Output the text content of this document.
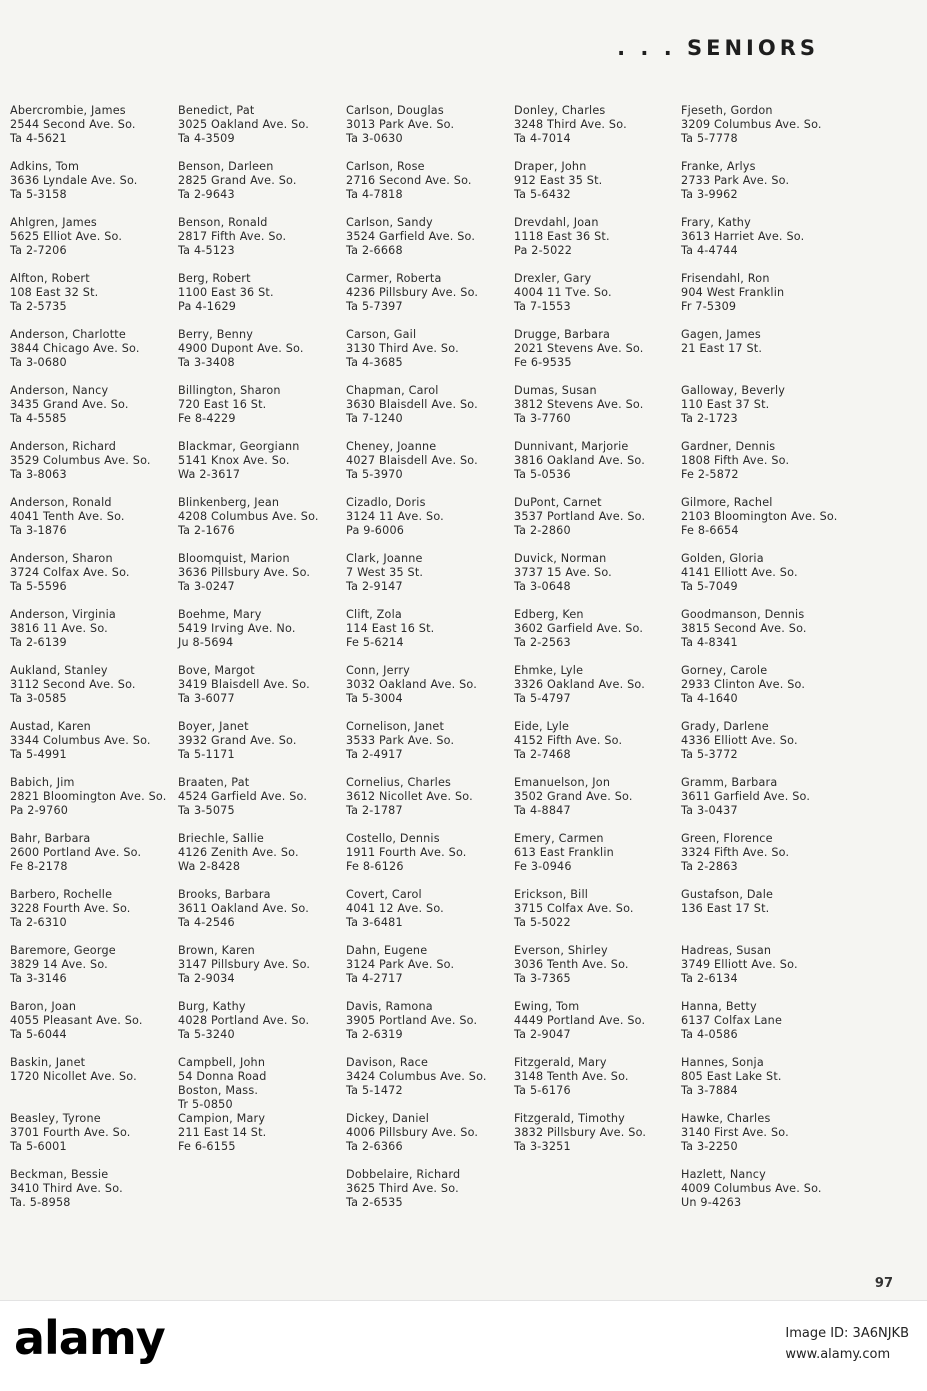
. . . SENIORS
Abercrombie, James
2544 Second Ave. So.
Ta 4-5621
Adkins, Tom
3636 Lyndale Ave. So.
Ta 5-3158
Ahlgren, James
5625 Elliot Ave. So.
Ta 2-7206
Alfton, Robert
108 East 32 St.
Ta 2-5735
Anderson, Charlotte
3844 Chicago Ave. So.
Ta 3-0680
Anderson, Nancy
3435 Grand Ave. So.
Ta 4-5585
Anderson, Richard
3529 Columbus Ave. So.
Ta 3-8063
Anderson, Ronald
4041 Tenth Ave. So.
Ta 3-1876
Anderson, Sharon
3724 Colfax Ave. So.
Ta 5-5596
Anderson, Virginia
3816 11 Ave. So.
Ta 2-6139
Aukland, Stanley
3112 Second Ave. So.
Ta 3-0585
Austad, Karen
3344 Columbus Ave. So.
Ta 5-4991
Babich, Jim
2821 Bloomington Ave. So.
Pa 2-9760
Bahr, Barbara
2600 Portland Ave. So.
Fe 8-2178
Barbero, Rochelle
3228 Fourth Ave. So.
Ta 2-6310
Baremore, George
3829 14 Ave. So.
Ta 3-3146
Baron, Joan
4055 Pleasant Ave. So.
Ta 5-6044
Baskin, Janet
1720 Nicollet Ave. So.
Beasley, Tyrone
3701 Fourth Ave. So.
Ta 5-6001
Beckman, Bessie
3410 Third Ave. So.
Ta. 5-8958
Benedict, Pat
3025 Oakland Ave. So.
Ta 4-3509
Benson, Darleen
2825 Grand Ave. So.
Ta 2-9643
Benson, Ronald
2817 Fifth Ave. So.
Ta 4-5123
Berg, Robert
1100 East 36 St.
Pa 4-1629
Berry, Benny
4900 Dupont Ave. So.
Ta 3-3408
Billington, Sharon
720 East 16 St.
Fe 8-4229
Blackmar, Georgiann
5141 Knox Ave. So.
Wa 2-3617
Blinkenberg, Jean
4208 Columbus Ave. So.
Ta 2-1676
Bloomquist, Marion
3636 Pillsbury Ave. So.
Ta 3-0247
Boehme, Mary
5419 Irving Ave. No.
Ju 8-5694
Bove, Margot
3419 Blaisdell Ave. So.
Ta 3-6077
Boyer, Janet
3932 Grand Ave. So.
Ta 5-1171
Braaten, Pat
4524 Garfield Ave. So.
Ta 3-5075
Briechle, Sallie
4126 Zenith Ave. So.
Wa 2-8428
Brooks, Barbara
3611 Oakland Ave. So.
Ta 4-2546
Brown, Karen
3147 Pillsbury Ave. So.
Ta 2-9034
Burg, Kathy
4028 Portland Ave. So.
Ta 5-3240
Campbell, John
54 Donna Road
Boston, Mass.
Tr 5-0850
Campion, Mary
211 East 14 St.
Fe 6-6155
Carlson, Douglas
3013 Park Ave. So.
Ta 3-0630
Carlson, Rose
2716 Second Ave. So.
Ta 4-7818
Carlson, Sandy
3524 Garfield Ave. So.
Ta 2-6668
Carmer, Roberta
4236 Pillsbury Ave. So.
Ta 5-7397
Carson, Gail
3130 Third Ave. So.
Ta 4-3685
Chapman, Carol
3630 Blaisdell Ave. So.
Ta 7-1240
Cheney, Joanne
4027 Blaisdell Ave. So.
Ta 5-3970
Cizadlo, Doris
3124 11 Ave. So.
Pa 9-6006
Clark, Joanne
7 West 35 St.
Ta 2-9147
Clift, Zola
114 East 16 St.
Fe 5-6214
Conn, Jerry
3032 Oakland Ave. So.
Ta 5-3004
Cornelison, Janet
3533 Park Ave. So.
Ta 2-4917
Cornelius, Charles
3612 Nicollet Ave. So.
Ta 2-1787
Costello, Dennis
1911 Fourth Ave. So.
Fe 8-6126
Covert, Carol
4041 12 Ave. So.
Ta 3-6481
Dahn, Eugene
3124 Park Ave. So.
Ta 4-2717
Davis, Ramona
3905 Portland Ave. So.
Ta 2-6319
Davison, Race
3424 Columbus Ave. So.
Ta 5-1472
Dickey, Daniel
4006 Pillsbury Ave. So.
Ta 2-6366
Dobbelaire, Richard
3625 Third Ave. So.
Ta 2-6535
Donley, Charles
3248 Third Ave. So.
Ta 4-7014
Draper, John
912 East 35 St.
Ta 5-6432
Drevdahl, Joan
1118 East 36 St.
Pa 2-5022
Drexler, Gary
4004 11 Tve. So.
Ta 7-1553
Drugge, Barbara
2021 Stevens Ave. So.
Fe 6-9535
Dumas, Susan
3812 Stevens Ave. So.
Ta 3-7760
Dunnivant, Marjorie
3816 Oakland Ave. So.
Ta 5-0536
DuPont, Carnet
3537 Portland Ave. So.
Ta 2-2860
Duvick, Norman
3737 15 Ave. So.
Ta 3-0648
Edberg, Ken
3602 Garfield Ave. So.
Ta 2-2563
Ehmke, Lyle
3326 Oakland Ave. So.
Ta 5-4797
Eide, Lyle
4152 Fifth Ave. So.
Ta 2-7468
Emanuelson, Jon
3502 Grand Ave. So.
Ta 4-8847
Emery, Carmen
613 East Franklin
Fe 3-0946
Erickson, Bill
3715 Colfax Ave. So.
Ta 5-5022
Everson, Shirley
3036 Tenth Ave. So.
Ta 3-7365
Ewing, Tom
4449 Portland Ave. So.
Ta 2-9047
Fitzgerald, Mary
3148 Tenth Ave. So.
Ta 5-6176
Fitzgerald, Timothy
3832 Pillsbury Ave. So.
Ta 3-3251
Fjeseth, Gordon
3209 Columbus Ave. So.
Ta 5-7778
Franke, Arlys
2733 Park Ave. So.
Ta 3-9962
Frary, Kathy
3613 Harriet Ave. So.
Ta 4-4744
Frisendahl, Ron
904 West Franklin
Fr 7-5309
Gagen, James
21 East 17 St.
Galloway, Beverly
110 East 37 St.
Ta 2-1723
Gardner, Dennis
1808 Fifth Ave. So.
Fe 2-5872
Gilmore, Rachel
2103 Bloomington Ave. So.
Fe 8-6654
Golden, Gloria
4141 Elliott Ave. So.
Ta 5-7049
Goodmanson, Dennis
3815 Second Ave. So.
Ta 4-8341
Gorney, Carole
2933 Clinton Ave. So.
Ta 4-1640
Grady, Darlene
4336 Elliott Ave. So.
Ta 5-3772
Gramm, Barbara
3611 Garfield Ave. So.
Ta 3-0437
Green, Florence
3324 Fifth Ave. So.
Ta 2-2863
Gustafson, Dale
136 East 17 St.
Hadreas, Susan
3749 Elliott Ave. So.
Ta 2-6134
Hanna, Betty
6137 Colfax Lane
Ta 4-0586
Hannes, Sonja
805 East Lake St.
Ta 3-7884
Hawke, Charles
3140 First Ave. So.
Ta 3-2250
Hazlett, Nancy
4009 Columbus Ave. So.
Un 9-4263
97
alamy	Image ID: 3A6NJKB
www.alamy.com
